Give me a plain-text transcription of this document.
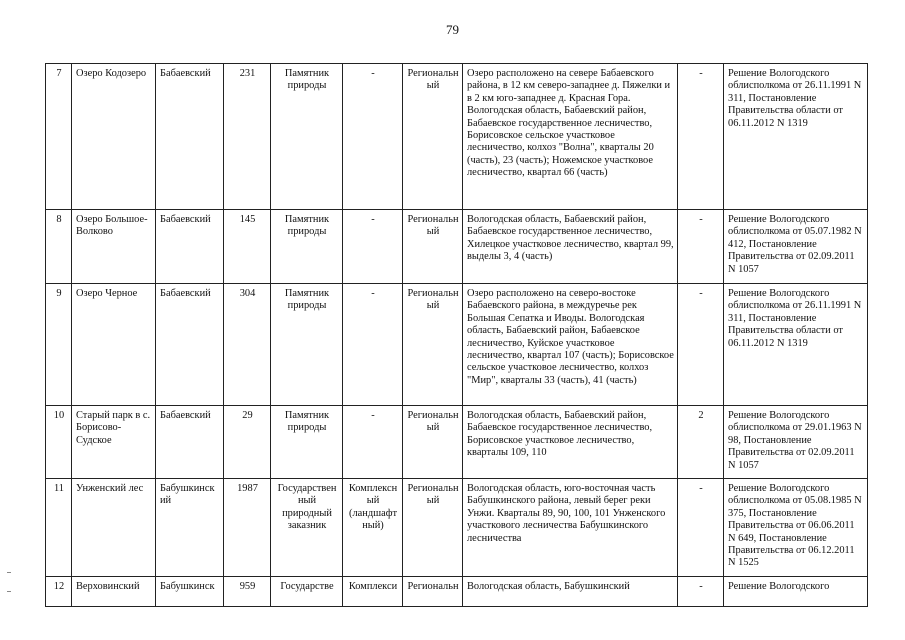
79
7	Озеро Кодозеро	Бабаевский	231	Памятник природы	-	Региональный	Озеро расположено на севере Бабаевского района, в 12 км северо-западнее д. Пяжелки и в 2 км юго-западнее д. Красная Гора. Вологодская область, Бабаевский район, Бабаевское государственное лесничество, Борисовское сельское участковое лесничество, колхоз "Волна", кварталы 20 (часть), 23 (часть); Ножемское участковое лесничество, квартал 66 (часть)	-	Решение Вологодского облисполкома от 26.11.1991 N 311, Постановление Правительства области от 06.11.2012 N 1319
8	Озеро Большое-Волково	Бабаевский	145	Памятник природы	-	Региональный	Вологодская область, Бабаевский район, Бабаевское государственное лесничество, Хилецкое участковое лесничество, квартал 99, выделы 3, 4 (часть)	-	Решение Вологодского облисполкома от 05.07.1982 N 412, Постановление Правительства от 02.09.2011 N 1057
9	Озеро Черное	Бабаевский	304	Памятник природы	-	Региональный	Озеро расположено на северо-востоке Бабаевского района, в междуречье рек Большая Сепатка и Иводы. Вологодская область, Бабаевский район, Бабаевское лесничество, Куйское участковое лесничество, квартал 107 (часть); Борисовское сельское участковое лесничество, колхоз "Мир", кварталы 33 (часть), 41 (часть)	-	Решение Вологодского облисполкома от 26.11.1991 N 311, Постановление Правительства области от 06.11.2012 N 1319
10	Старый парк в с. Борисово-Судское	Бабаевский	29	Памятник природы	-	Региональный	Вологодская область, Бабаевский район, Бабаевское государственное лесничество, Борисовское участковое лесничество, кварталы 109, 110	2	Решение Вологодского облисполкома от 29.01.1963 N 98, Постановление Правительства от 02.09.2011 N 1057
11	Унженский лес	Бабушкинский	1987	Государственный природный заказник	Комплексный (ландшафтный)	Региональный	Вологодская область, юго-восточная часть Бабушкинского района, левый берег реки Унжи. Кварталы 89, 90, 100, 101 Унженского участкового лесничества Бабушкинского лесничества	-	Решение Вологодского облисполкома от 05.08.1985 N 375, Постановление Правительства от 06.06.2011 N 649, Постановление Правительства от 06.12.2011 N 1525
12	Верховинский	Бабушкинск	959	Государстве	Комплекси	Региональн	Вологодская область, Бабушкинский	-	Решение Вологодского
